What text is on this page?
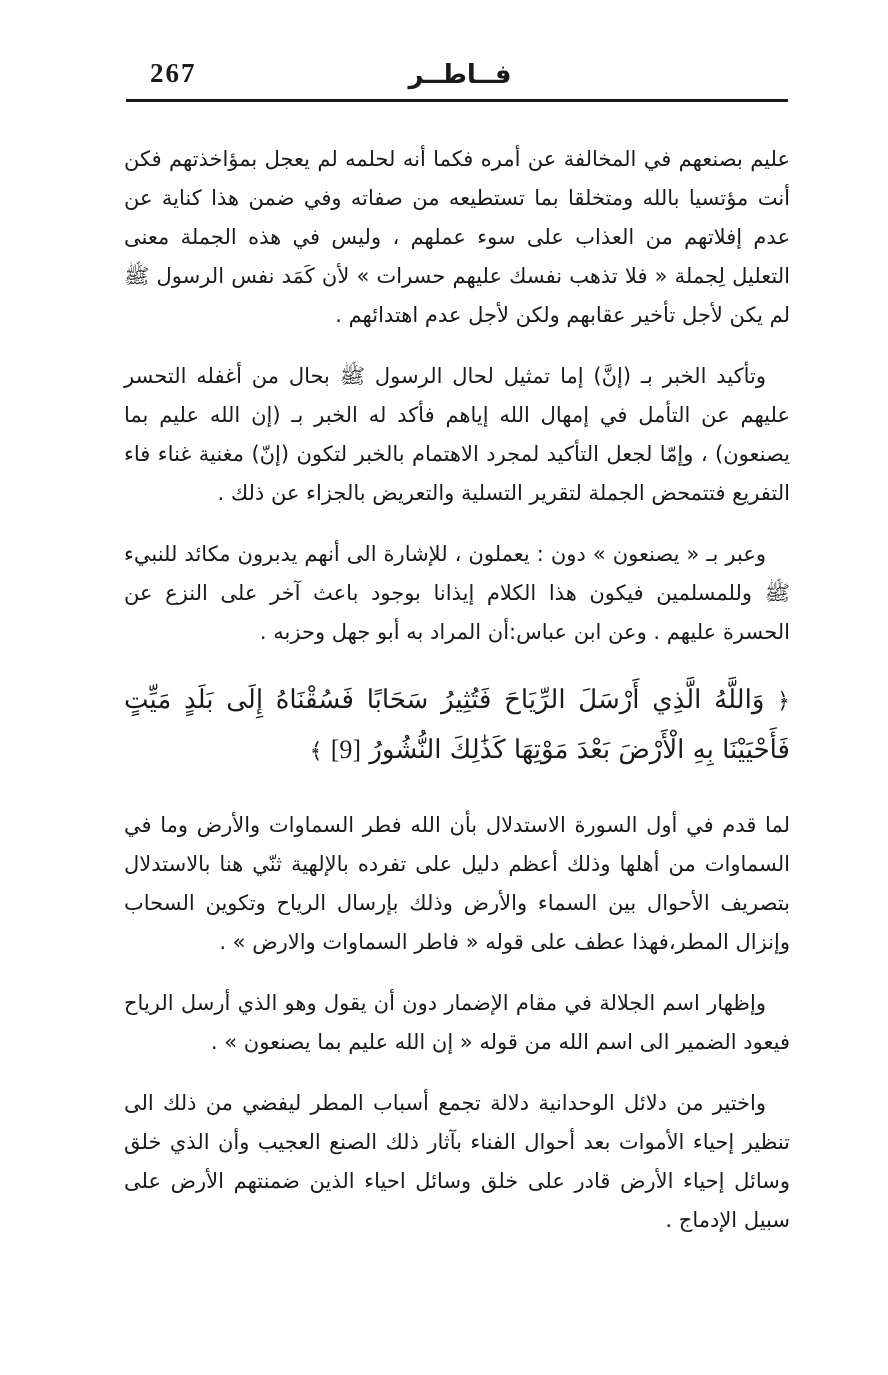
267	فــاطــر

عليم بصنعهم في المخالفة عن أمره فكما أنه لحلمه لم يعجل بمؤاخذتهم فكن أنت مؤتسيا بالله ومتخلقا بما تستطيعه من صفاته وفي ضمن هذا كناية عن عدم إفلاتهم من العذاب على سوء عملهم ، وليس في هذه الجملة معنى التعليل لِجملة « فلا تذهب نفسك عليهم حسرات » لأن كَمَد نفس الرسول ﷺ لم يكن لأجل تأخير عقابهم ولكن لأجل عدم اهتدائهم .

وتأكيد الخبر بـ (إنَّ) إما تمثيل لحال الرسول ﷺ بحال من أغفله التحسر عليهم عن التأمل في إمهال الله إياهم فأكد له الخبر بـ (إن الله عليم بما يصنعون) ، وإمّا لجعل التأكيد لمجرد الاهتمام بالخبر لتكون (إنّ) مغنية غناء فاء التفريع فتتمحض الجملة لتقرير التسلية والتعريض بالجزاء عن ذلك .

وعبر بـ « يصنعون » دون : يعملون ، للإشارة الى أنهم يدبرون مكائد للنبيء ﷺ وللمسلمين فيكون هذا الكلام إيذانا بوجود باعث آخر على النزع عن الحسرة عليهم . وعن ابن عباس:أن المراد به أبو جهل وحزبه .

﴿ وَاللَّهُ الَّذِي أَرْسَلَ الرِّيَاحَ فَتُثِيرُ سَحَابًا فَسُقْنَاهُ إِلَى بَلَدٍ مَيِّتٍ فَأَحْيَيْنَا بِهِ الْأَرْضَ بَعْدَ مَوْتِهَا كَذَٰلِكَ النُّشُورُ [9] ﴾

لما قدم في أول السورة الاستدلال بأن الله فطر السماوات والأرض وما في السماوات من أهلها وذلك أعظم دليل على تفرده بالإلهية ثنّي هنا بالاستدلال بتصريف الأحوال بين السماء والأرض وذلك بإرسال الرياح وتكوين السحاب وإنزال المطر،فهذا عطف على قوله « فاطر السماوات والارض » .

وإظهار اسم الجلالة في مقام الإضمار دون أن يقول وهو الذي أرسل الرياح فيعود الضمير الى اسم الله من قوله « إن الله عليم بما يصنعون » .

واختير من دلائل الوحدانية دلالة تجمع أسباب المطر ليفضي من ذلك الى تنظير إحياء الأموات بعد أحوال الفناء بآثار ذلك الصنع العجيب وأن الذي خلق وسائل إحياء الأرض قادر على خلق وسائل احياء الذين ضمنتهم الأرض على سبيل الإدماج .
